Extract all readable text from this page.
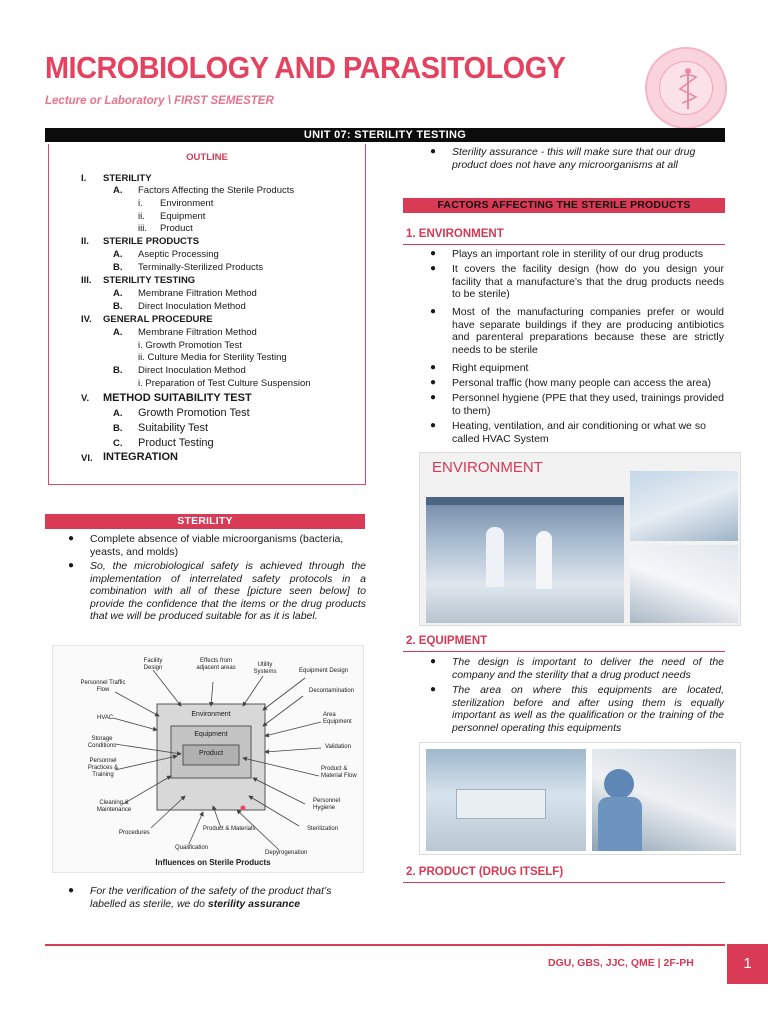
MICROBIOLOGY AND PARASITOLOGY
Lecture or Laboratory \ FIRST SEMESTER
UNIT 07: STERILITY TESTING
OUTLINE
I. STERILITY
A. Factors Affecting the Sterile Products
i. Environment
ii. Equipment
iii. Product
II. STERILE PRODUCTS
A. Aseptic Processing
B. Terminally-Sterilized Products
III. STERILITY TESTING
A. Membrane Filtration Method
B. Direct Inoculation Method
IV. GENERAL PROCEDURE
A. Membrane Filtration Method
i. Growth Promotion Test
ii. Culture Media for Sterility Testing
B. Direct Inoculation Method
i. Preparation of Test Culture Suspension
V. METHOD SUITABILITY TEST
A. Growth Promotion Test
B. Suitability Test
C. Product Testing
VI. INTEGRATION
STERILITY
● Complete absence of viable microorganisms (bacteria, yeasts, and molds)
● So, the microbiological safety is achieved through the implementation of interrelated safety protocols in a combination with all of these [picture seen below] to provide the confidence that the items or the drug products that we will be produced suitable for as it is label.
Environment
Equipment
Product
Facility Design
Effects from adjacent areas	Utility Systems	Equipment Design
Personnel Traffic Flow	Decontamination
HVAC	Area Equipment
Storage Conditions	Validation
Personnel Practices & Training
Product & Material Flow
Cleaning & Maintenance
Personnel Hygiene
Procedures
Product & Materials	Sterilization
Qualification
Depyrogenation
Influences on Sterile Products
● For the verification of the safety of the product that’s labelled as sterile, we do sterility assurance
● Sterility assurance - this will make sure that our drug product does not have any microorganisms at all
FACTORS AFFECTING THE STERILE PRODUCTS
1. ENVIRONMENT
● Plays an important role in sterility of our drug products
● It covers the facility design (how do you design your facility that a manufacture’s that the drug products needs to be sterile)
● Most of the manufacturing companies prefer or would have separate buildings if they are producing antibiotics and parenteral preparations because these are strictly needs to be sterile
● Right equipment
● Personal traffic (how many people can access the area)
● Personnel hygiene (PPE that they used, trainings provided to them)
● Heating, ventilation, and air conditioning or what we so called HVAC System
ENVIRONMENT
2. EQUIPMENT
● The design is important to deliver the need of the company and the sterility that a drug product needs
● The area on where this equipments are located, sterilization before and after using them is equally important as well as the qualification or the training of the personnel operating this equipments
2. PRODUCT (DRUG ITSELF)
DGU, GBS, JJC, QME | 2F-PH	1
